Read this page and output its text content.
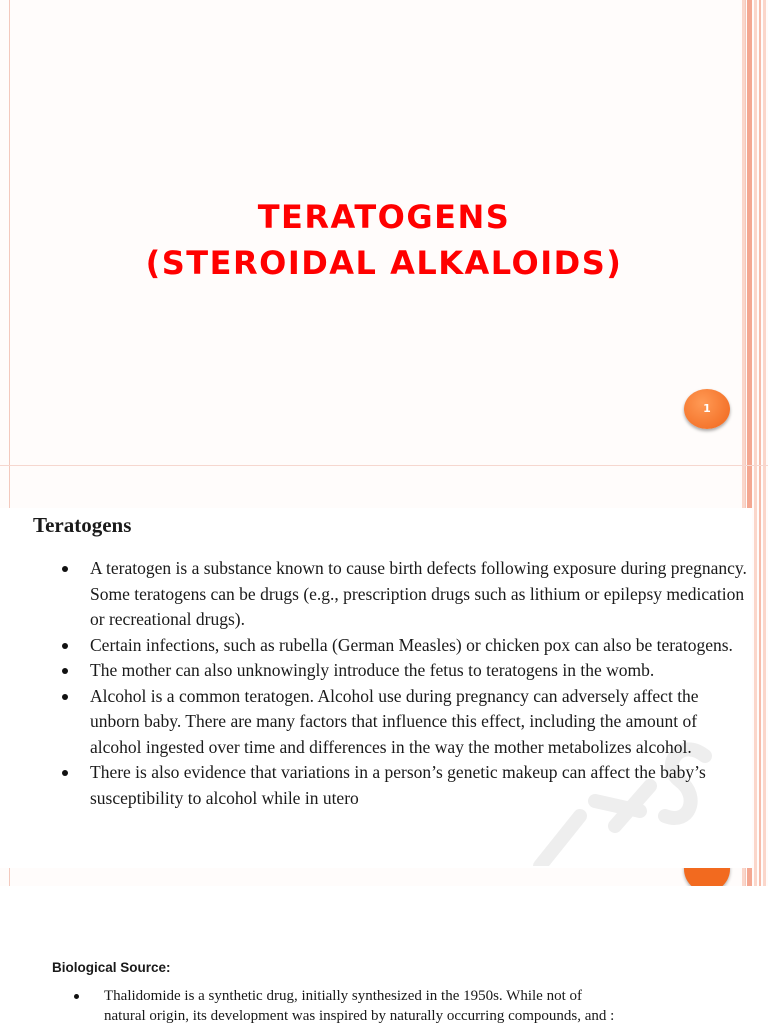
TERATOGENS
(STEROIDAL ALKALOIDS)
1
Teratogens
A teratogen is a substance known to cause birth defects following exposure during pregnancy. Some teratogens can be drugs (e.g., prescription drugs such as lithium or epilepsy medication or recreational drugs).
Certain infections, such as rubella (German Measles) or chicken pox can also be teratogens.
The mother can also unknowingly introduce the fetus to teratogens in the womb.
Alcohol is a common teratogen. Alcohol use during pregnancy can adversely affect the unborn baby. There are many factors that influence this effect, including the amount of alcohol ingested over time and differences in the way the mother metabolizes alcohol.
There is also evidence that variations in a person’s genetic makeup can affect the baby’s susceptibility to alcohol while in utero
Biological Source:
Thalidomide is a synthetic drug, initially synthesized in the 1950s. While not of
natural origin, its development was inspired by naturally occurring compounds, and :
